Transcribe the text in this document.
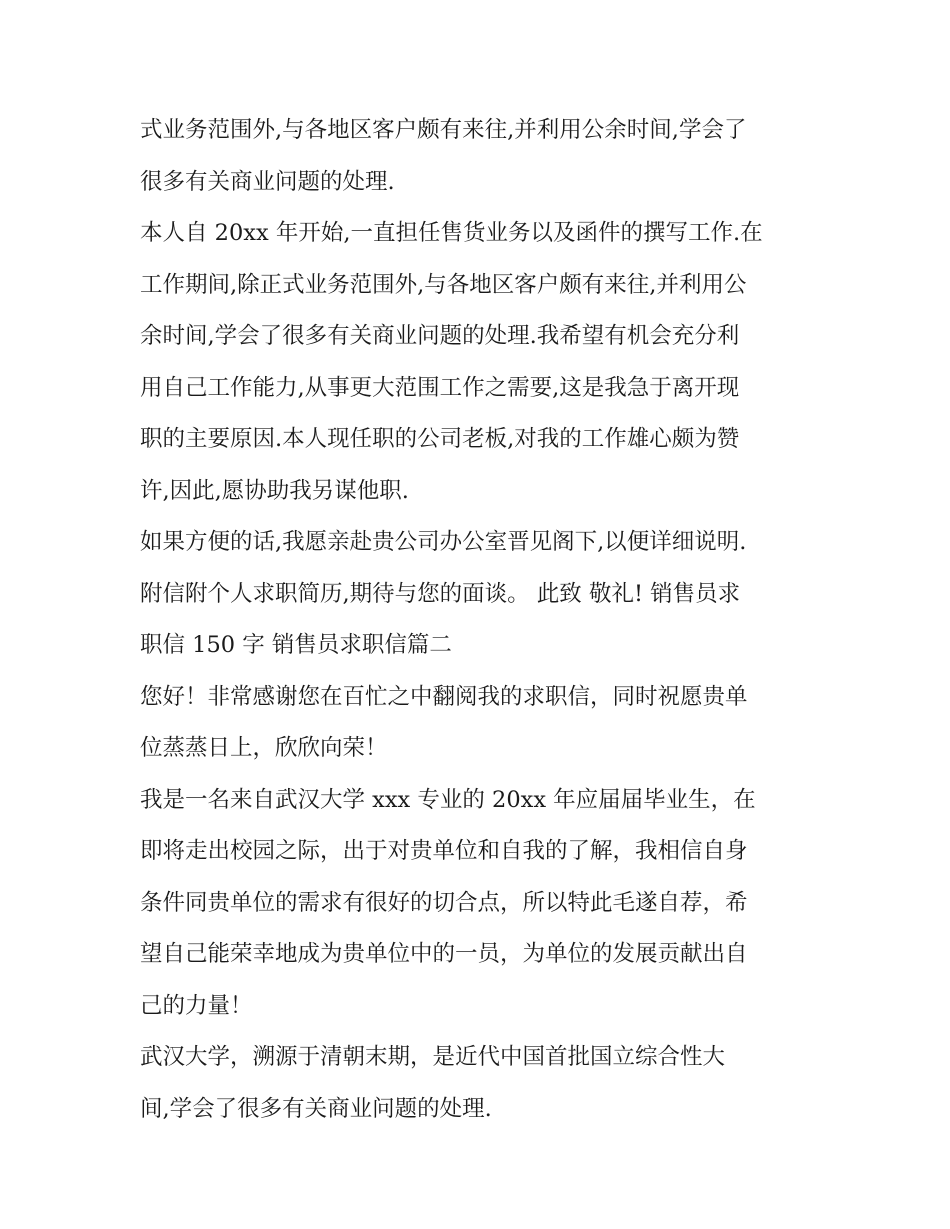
式业务范围外,与各地区客户颇有来往,并利用公余时间,学会了
很多有关商业问题的处理.
本人自 20xx 年开始,一直担任售货业务以及函件的撰写工作.在
工作期间,除正式业务范围外,与各地区客户颇有来往,并利用公
余时间,学会了很多有关商业问题的处理.我希望有机会充分利
用自己工作能力,从事更大范围工作之需要,这是我急于离开现
职的主要原因.本人现任职的公司老板,对我的工作雄心颇为赞
许,因此,愿协助我另谋他职.
如果方便的话,我愿亲赴贵公司办公室晋见阁下,以便详细说明.
附信附个人求职简历,期待与您的面谈。 此致 敬礼! 销售员求
职信 150 字 销售员求职信篇二
您好！非常感谢您在百忙之中翻阅我的求职信，同时祝愿贵单
位蒸蒸日上，欣欣向荣！
我是一名来自武汉大学 xxx 专业的 20xx 年应届届毕业生，在
即将走出校园之际，出于对贵单位和自我的了解，我相信自身
条件同贵单位的需求有很好的切合点，所以特此毛遂自荐，希
望自己能荣幸地成为贵单位中的一员，为单位的发展贡献出自
己的力量！
武汉大学，溯源于清朝末期，是近代中国首批国立综合性大
间,学会了很多有关商业问题的处理.
